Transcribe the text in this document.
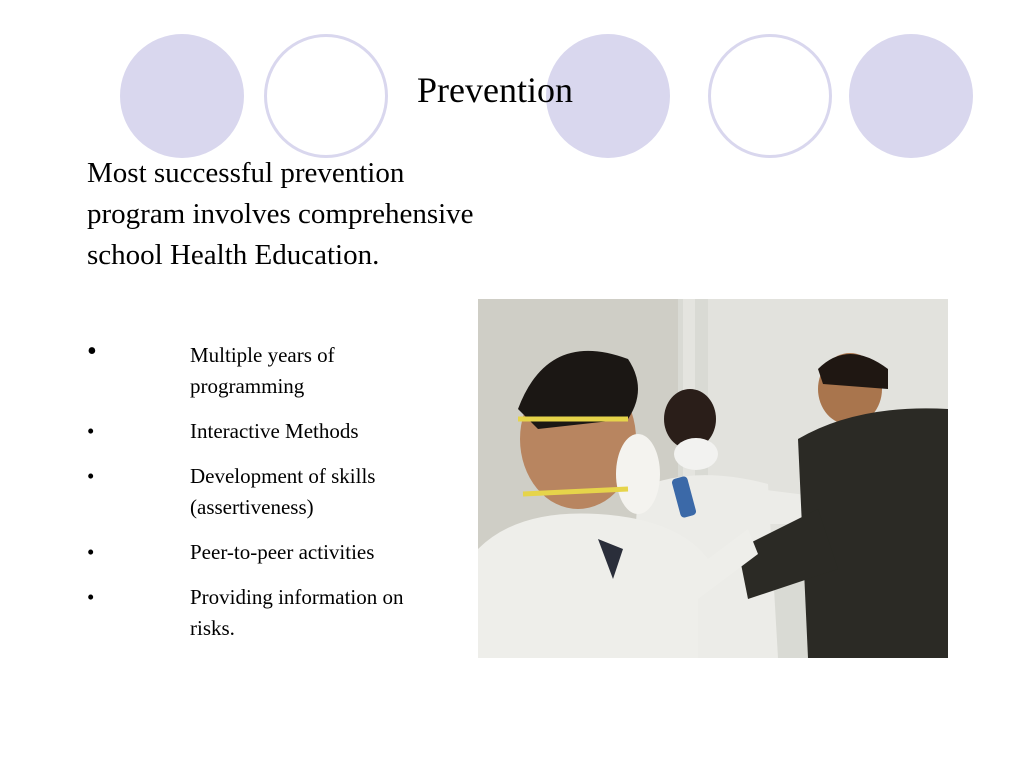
Prevention
Most successful prevention program involves comprehensive school Health Education.
•	Multiple years of programming
•	Interactive Methods
•	Development of skills (assertiveness)
•	Peer-to-peer activities
•	Providing information on risks.
